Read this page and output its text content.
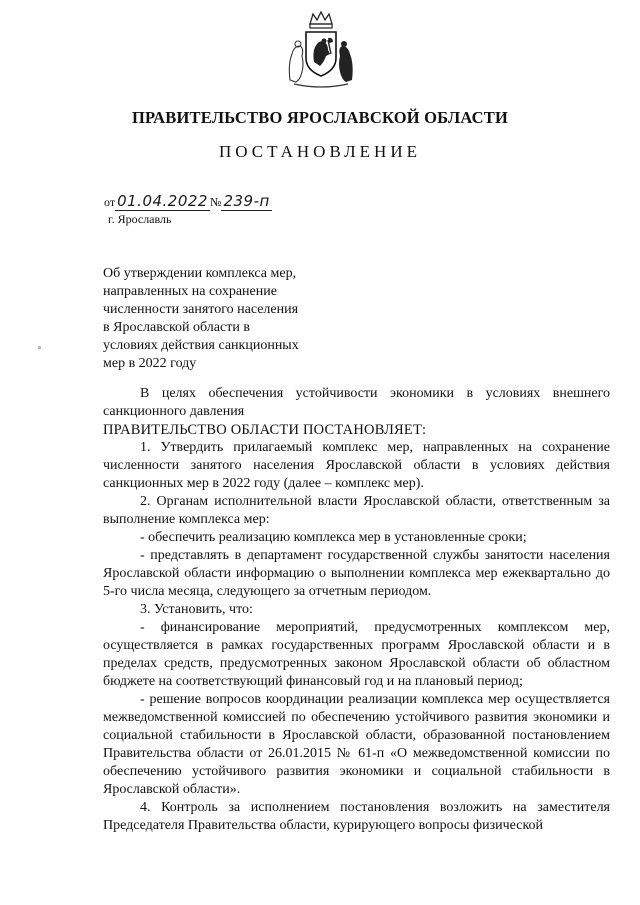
ПРАВИТЕЛЬСТВО ЯРОСЛАВСКОЙ ОБЛАСТИ
ПОСТАНОВЛЕНИЕ
от 01.04.2022 № 239-п
г. Ярославль
Об утверждении комплекса мер,
направленных на сохранение
численности занятого населения
в Ярославской области в
условиях действия санкционных
мер в 2022 году

В целях обеспечения устойчивости экономики в условиях внешнего санкционного давления

ПРАВИТЕЛЬСТВО ОБЛАСТИ ПОСТАНОВЛЯЕТ:

1. Утвердить прилагаемый комплекс мер, направленных на сохранение численности занятого населения Ярославской области в условиях действия санкционных мер в 2022 году (далее – комплекс мер).

2. Органам исполнительной власти Ярославской области, ответственным за выполнение комплекса мер:

- обеспечить реализацию комплекса мер в установленные сроки;

- представлять в департамент государственной службы занятости населения Ярославской области информацию о выполнении комплекса мер ежеквартально до 5-го числа месяца, следующего за отчетным периодом.

3. Установить, что:

- финансирование мероприятий, предусмотренных комплексом мер, осуществляется в рамках государственных программ Ярославской области и в пределах средств, предусмотренных законом Ярославской области об областном бюджете на соответствующий финансовый год и на плановый период;

- решение вопросов координации реализации комплекса мер осуществляется межведомственной комиссией по обеспечению устойчивого развития экономики и социальной стабильности в Ярославской области, образованной постановлением Правительства области от 26.01.2015 № 61-п «О межведомственной комиссии по обеспечению устойчивого развития экономики и социальной стабильности в Ярославской области».

4. Контроль за исполнением постановления возложить на заместителя Председателя Правительства области, курирующего вопросы физической
